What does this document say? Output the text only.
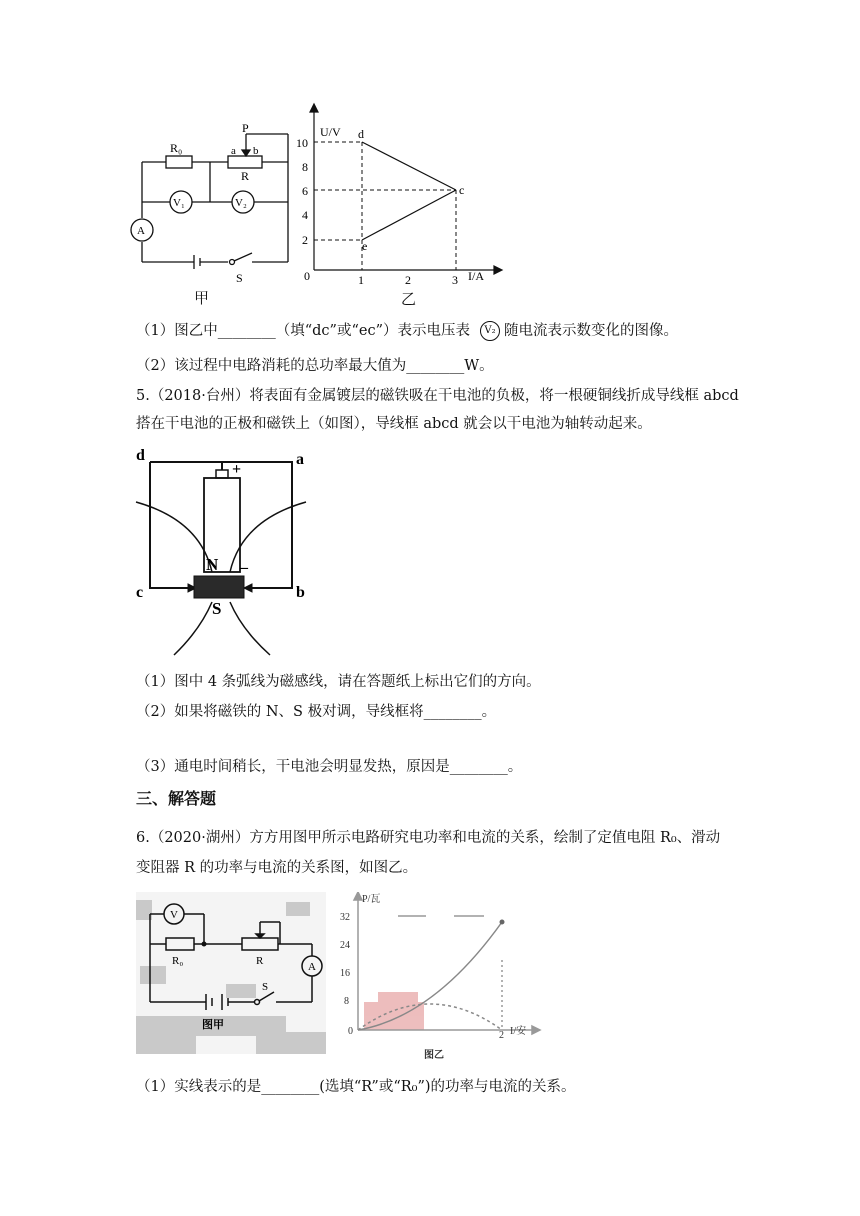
R₀
P
a b
R
V₁	V₂
A
S
甲
U/V
I/A
0
10
8
6
4
2
1	2	3
d
c
e
乙
（1）图乙中________（填“dc”或“ec”）表示电压表 V₂ 随电流表示数变化的图像。
（2）该过程中电路消耗的总功率最大值为________W。
5.（2018·台州）将表面有金属镀层的磁铁吸在干电池的负极，将一根硬铜线折成导线框 abcd
搭在干电池的正极和磁铁上（如图），导线框 abcd 就会以干电池为轴转动起来。
d	a
c	b
N
S
+
–
（1）图中 4 条弧线为磁感线，请在答题纸上标出它们的方向。
（2）如果将磁铁的 N、S 极对调，导线框将________。
（3）通电时间稍长，干电池会明显发热，原因是________。
三、解答题
6.（2020·湖州）方方用图甲所示电路研究电功率和电流的关系，绘制了定值电阻 R₀、滑动
变阻器 R 的功率与电流的关系图，如图乙。
V
R₀	R	A
S
图甲
P/瓦
I/安
0
32
24
16
8
2
图乙
（1）实线表示的是________(选填“R”或“R₀”)的功率与电流的关系。
